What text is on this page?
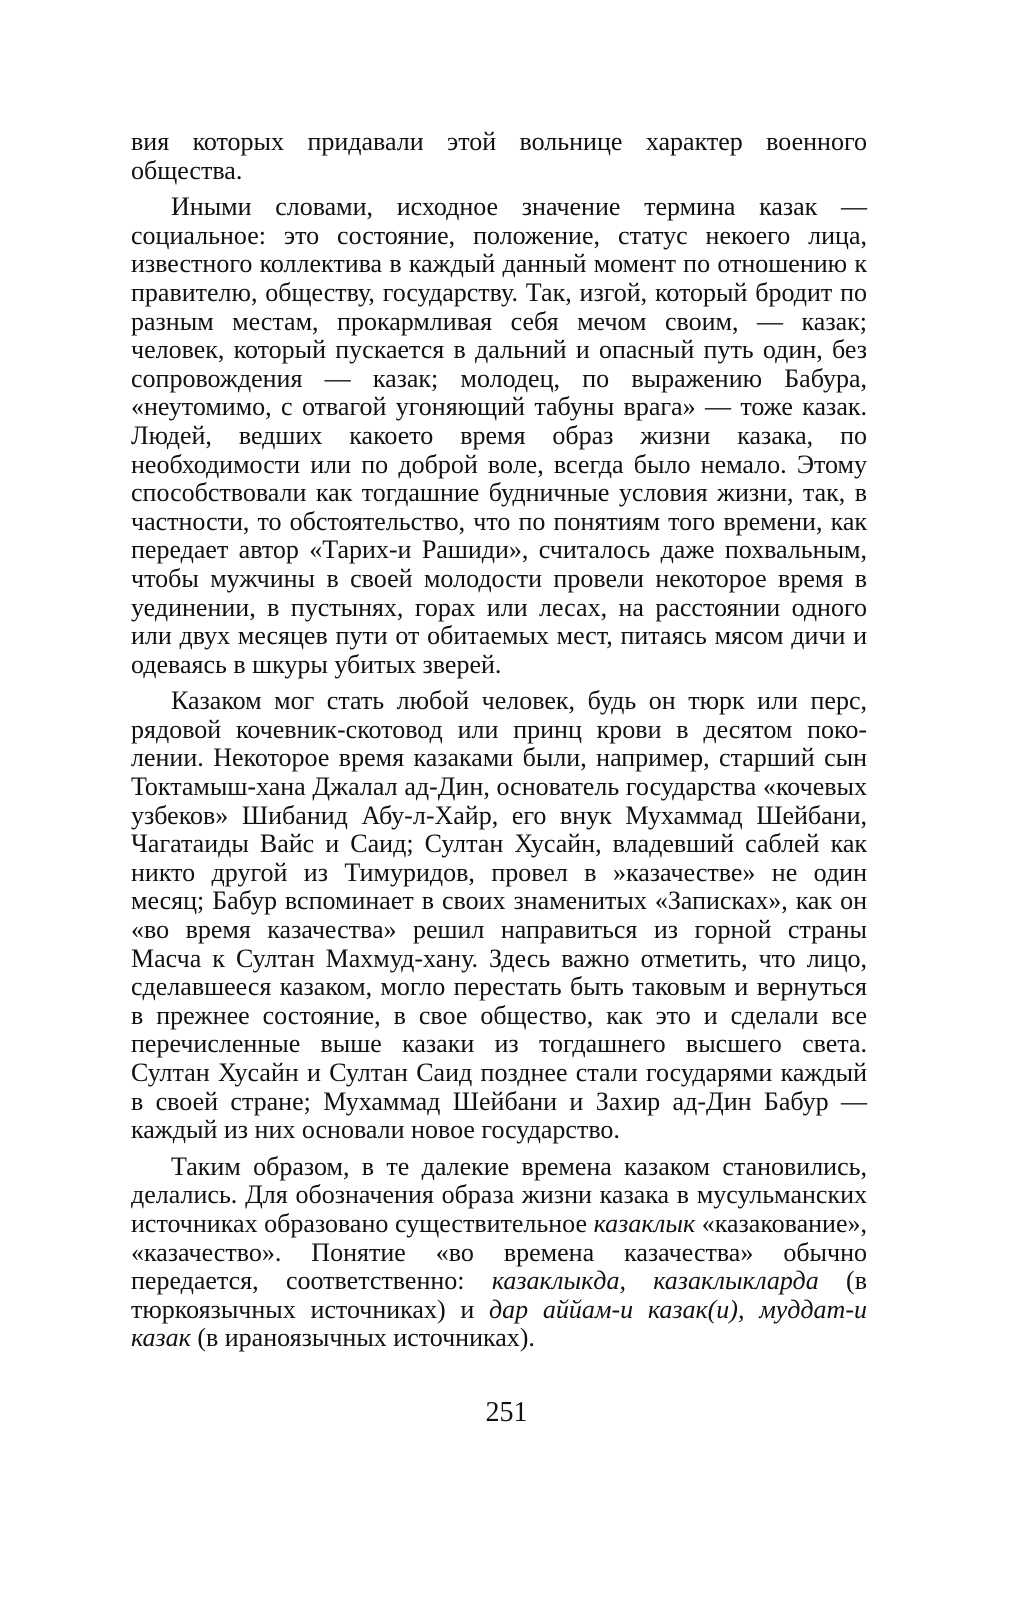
вия которых придавали этой вольнице характер военного общества.

Иными словами, исходное значение термина казак — социальное: это состояние, положение, статус некоего лица, известного коллектива в каждый данный момент по отношению к правителю, обществу, государству. Так, изгой, который бродит по разным местам, прокармливая себя мечом своим, — казак; человек, который пускается в дальний и опасный путь один, без сопровождения — казак; молодец, по выражению Бабура, «неутомимо, с отвагой угоняющий табуны врага» — тоже казак. Людей, ведших какоето время образ жизни казака, по необходимости или по доброй воле, всегда было немало. Этому способствовали как тогдашние будничные условия жизни, так, в частности, то обстоятельство, что по понятиям того времени, как передает автор «Тарих-и Рашиди», считалось даже похвальным, чтобы мужчины в своей молодости провели некоторое время в уединении, в пустынях, горах или лесах, на расстоянии одного или двух месяцев пути от обитаемых мест, питаясь мясом дичи и одеваясь в шкуры убитых зверей.

Казаком мог стать любой человек, будь он тюрк или перс, рядовой кочевник-скотовод или принц крови в десятом поколении. Некоторое время казаками были, например, старший сын Токтамыш-хана Джалал ад-Дин, основатель государства «кочевых узбеков» Шибанид Абу-л-Хайр, его внук Мухаммад Шейбани, Чагатаиды Вайс и Саид; Султан Хусайн, владевший саблей как никто другой из Тимуридов, провел в »казачестве» не один месяц; Бабур вспоминает в своих знаменитых «Записках», как он «во время казачества» решил направиться из горной страны Масча к Султан Махмуд-хану. Здесь важно отметить, что лицо, сделавшееся казаком, могло перестать быть таковым и вернуться в прежнее состояние, в свое общество, как это и сделали все перечисленные выше казаки из тогдашнего высшего света. Султан Хусайн и Султан Саид позднее стали государями каждый в своей стране; Мухаммад Шейбани и Захир ад-Дин Бабур — каждый из них основали новое государство.

Таким образом, в те далекие времена казаком становились, делались. Для обозначения образа жизни казака в мусульманских источниках образовано существительное казаклык «казакование», «казачество». Понятие «во времена казачества» обычно передается, соответственно: казаклыкда, казаклыкларда (в тюркоязычных источниках) и дар аййам-и казак(и), муддат-и казак (в ираноязычных источниках).

251
